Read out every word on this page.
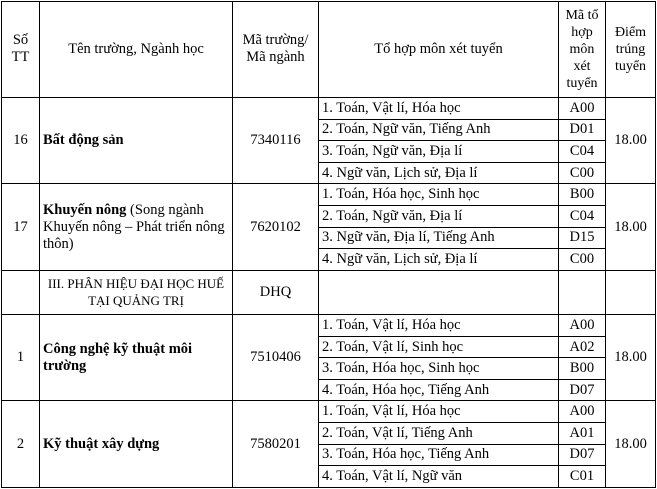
Số TT	Tên trường, Ngành học	Mã trường/ Mã ngành	Tổ hợp môn xét tuyển	Mã tổ hợp môn xét tuyển	Điểm trúng tuyển
16	Bất động sản	7340116	1. Toán, Vật lí, Hóa học	A00	18.00
			2. Toán, Ngữ văn, Tiếng Anh	D01	
			3. Toán, Ngữ văn, Địa lí	C04	
			4. Ngữ văn, Lịch sử, Địa lí	C00	
17	Khuyến nông (Song ngành Khuyến nông – Phát triển nông thôn)	7620102	1. Toán, Hóa học, Sinh học	B00	18.00
			2. Toán, Ngữ văn, Địa lí	C04	
			3. Ngữ văn, Địa lí, Tiếng Anh	D15	
			4. Ngữ văn, Lịch sử, Địa lí	C00	
	III. PHÂN HIỆU ĐẠI HỌC HUẾ TẠI QUẢNG TRỊ	DHQ			
1	Công nghệ kỹ thuật môi trường	7510406	1. Toán, Vật lí, Hóa học	A00	18.00
			2. Toán, Vật lí, Sinh học	A02	
			3. Toán, Hóa học, Sinh học	B00	
			4. Toán, Hóa học, Tiếng Anh	D07	
2	Kỹ thuật xây dựng	7580201	1. Toán, Vật lí, Hóa học	A00	18.00
			2. Toán, Vật lí, Tiếng Anh	A01	
			3. Toán, Hóa học, Tiếng Anh	D07	
			4. Toán, Vật lí, Ngữ văn	C01	
